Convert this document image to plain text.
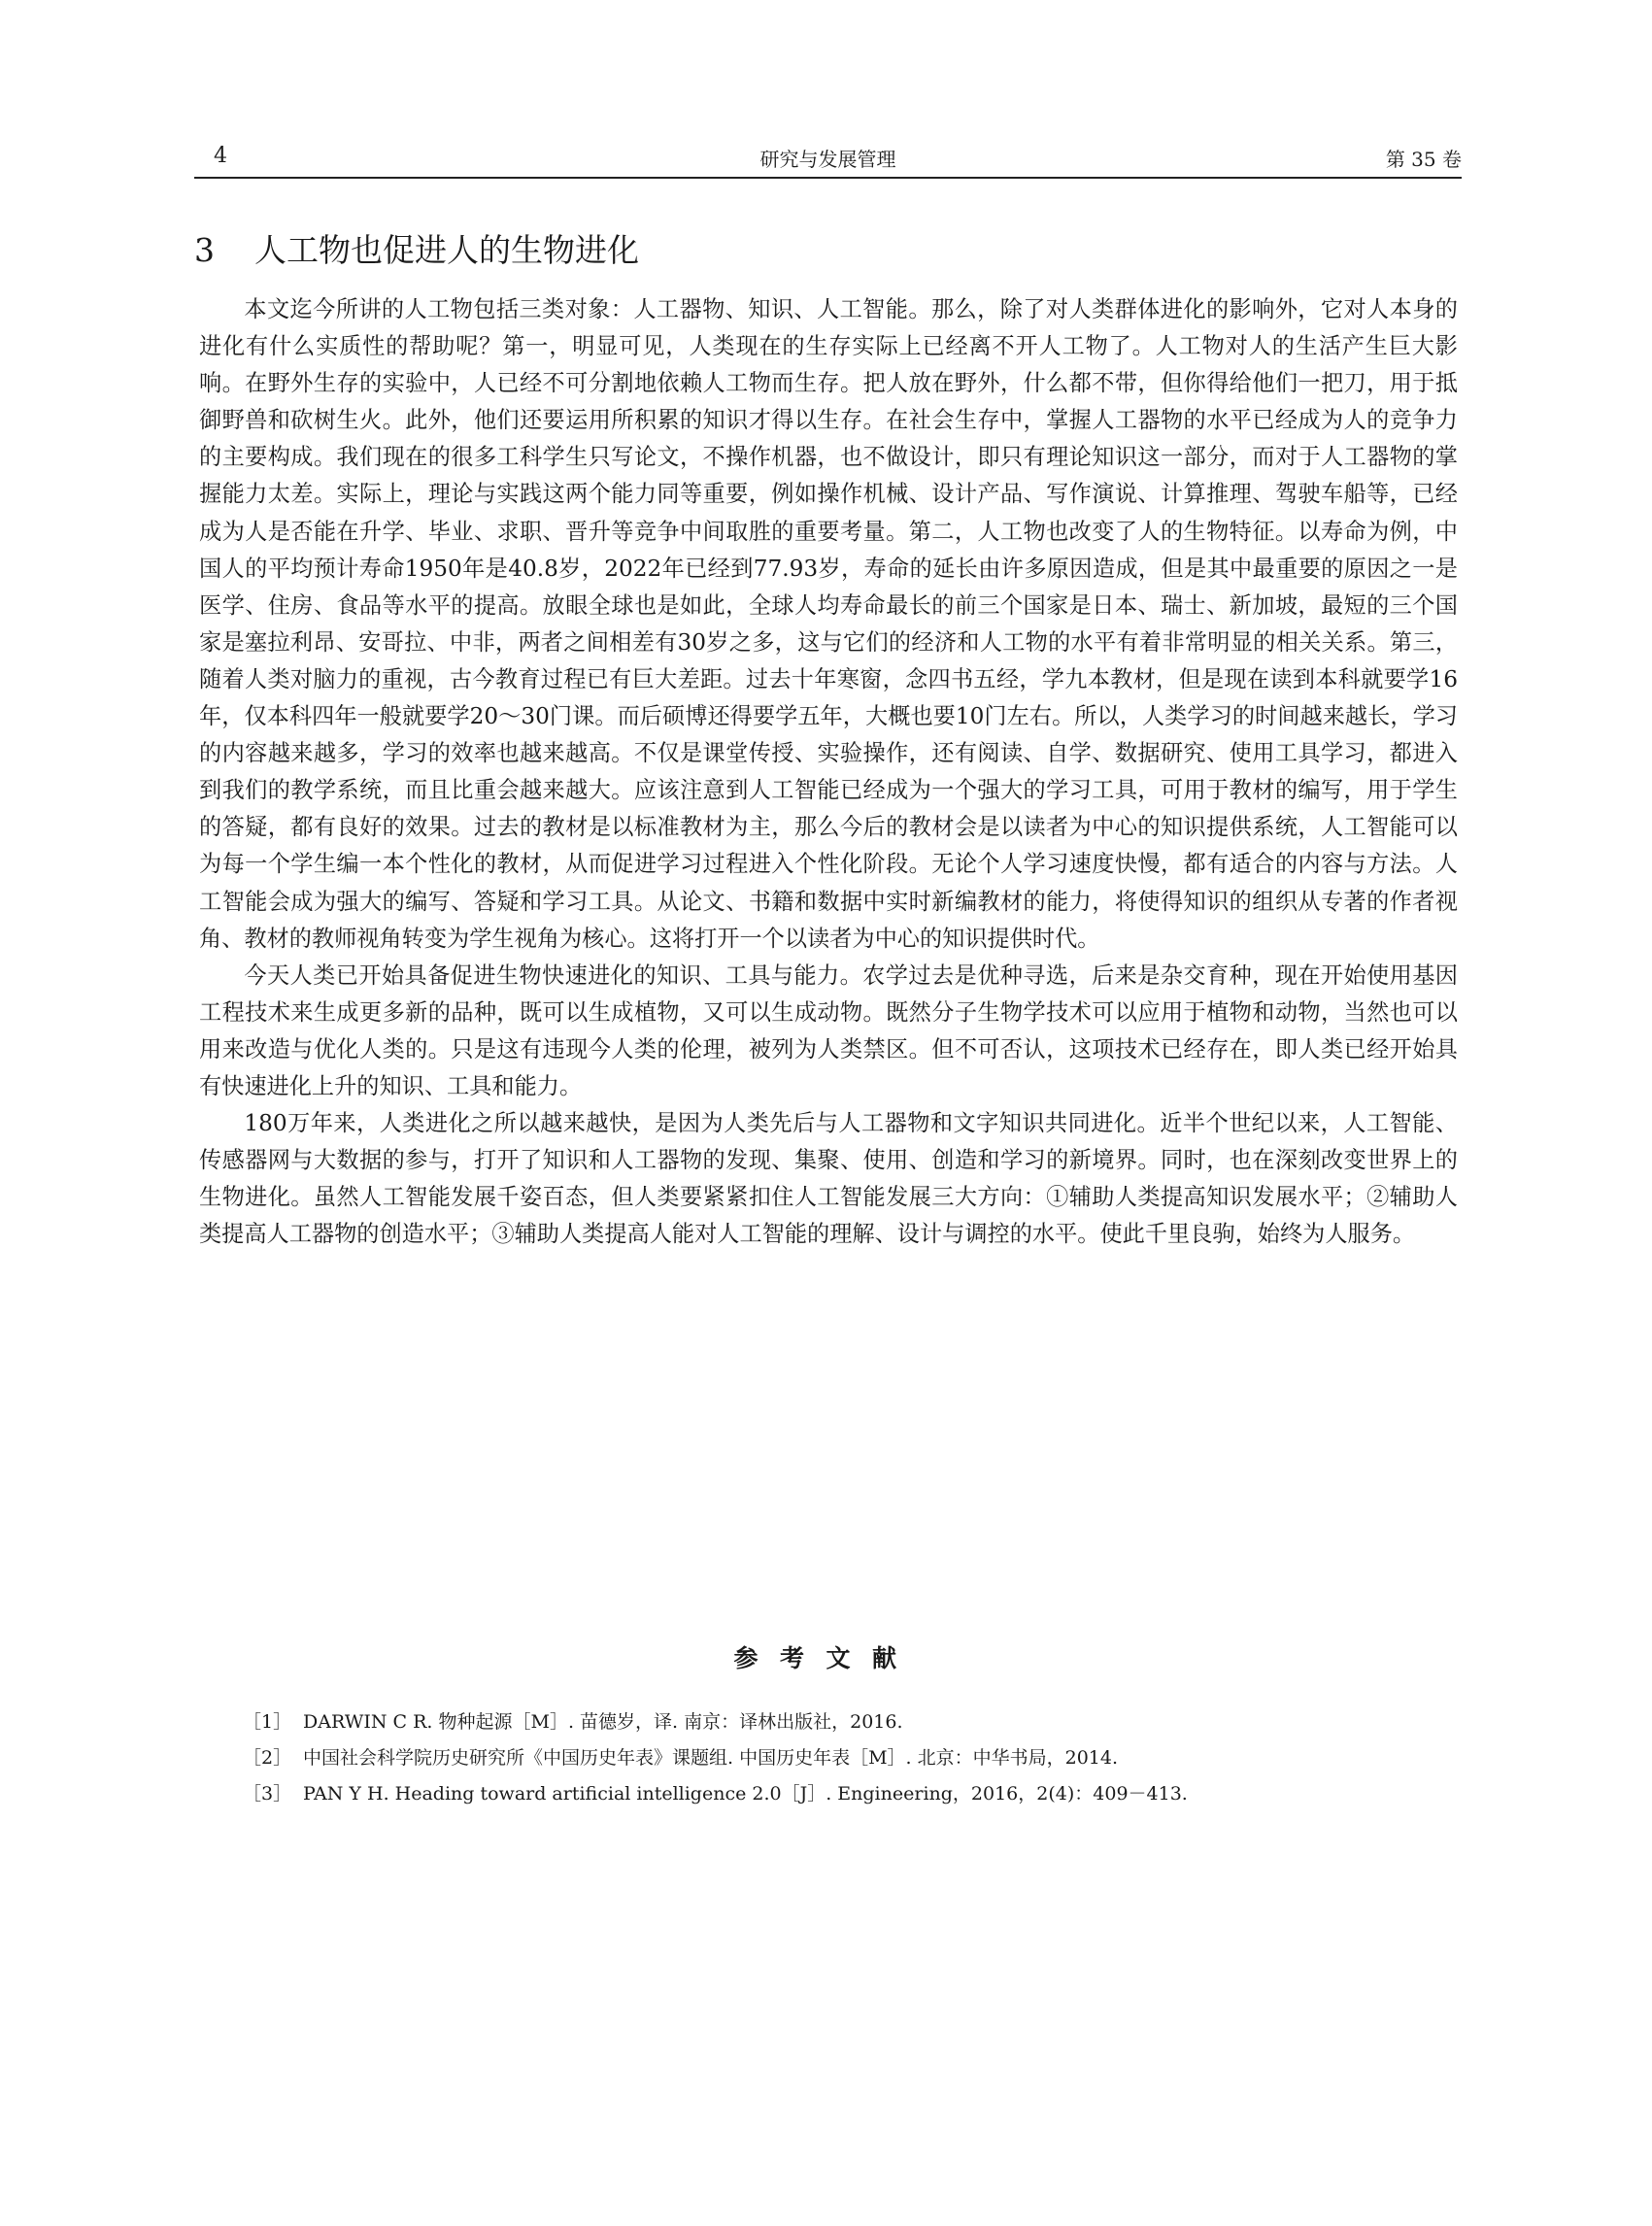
4	研究与发展管理	第 35 卷
3 人工物也促进人的生物进化

本文迄今所讲的人工物包括三类对象：人工器物、知识、人工智能。那么，除了对人类群体进化的影响外，它对人本身的进化有什么实质性的帮助呢？第一，明显可见，人类现在的生存实际上已经离不开人工物了。人工物对人的生活产生巨大影响。在野外生存的实验中，人已经不可分割地依赖人工物而生存。把人放在野外，什么都不带，但你得给他们一把刀，用于抵御野兽和砍树生火。此外，他们还要运用所积累的知识才得以生存。在社会生存中，掌握人工器物的水平已经成为人的竞争力的主要构成。我们现在的很多工科学生只写论文，不操作机器，也不做设计，即只有理论知识这一部分，而对于人工器物的掌握能力太差。实际上，理论与实践这两个能力同等重要，例如操作机械、设计产品、写作演说、计算推理、驾驶车船等，已经成为人是否能在升学、毕业、求职、晋升等竞争中间取胜的重要考量。第二，人工物也改变了人的生物特征。以寿命为例，中国人的平均预计寿命1950年是40.8岁，2022年已经到77.93岁，寿命的延长由许多原因造成，但是其中最重要的原因之一是医学、住房、食品等水平的提高。放眼全球也是如此，全球人均寿命最长的前三个国家是日本、瑞士、新加坡，最短的三个国家是塞拉利昂、安哥拉、中非，两者之间相差有30岁之多，这与它们的经济和人工物的水平有着非常明显的相关关系。第三，随着人类对脑力的重视，古今教育过程已有巨大差距。过去十年寒窗，念四书五经，学九本教材，但是现在读到本科就要学16年，仅本科四年一般就要学20～30门课。而后硕博还得要学五年，大概也要10门左右。所以，人类学习的时间越来越长，学习的内容越来越多，学习的效率也越来越高。不仅是课堂传授、实验操作，还有阅读、自学、数据研究、使用工具学习，都进入到我们的教学系统，而且比重会越来越大。应该注意到人工智能已经成为一个强大的学习工具，可用于教材的编写，用于学生的答疑，都有良好的效果。过去的教材是以标准教材为主，那么今后的教材会是以读者为中心的知识提供系统，人工智能可以为每一个学生编一本个性化的教材，从而促进学习过程进入个性化阶段。无论个人学习速度快慢，都有适合的内容与方法。人工智能会成为强大的编写、答疑和学习工具。从论文、书籍和数据中实时新编教材的能力，将使得知识的组织从专著的作者视角、教材的教师视角转变为学生视角为核心。这将打开一个以读者为中心的知识提供时代。

今天人类已开始具备促进生物快速进化的知识、工具与能力。农学过去是优种寻选，后来是杂交育种，现在开始使用基因工程技术来生成更多新的品种，既可以生成植物，又可以生成动物。既然分子生物学技术可以应用于植物和动物，当然也可以用来改造与优化人类的。只是这有违现今人类的伦理，被列为人类禁区。但不可否认，这项技术已经存在，即人类已经开始具有快速进化上升的知识、工具和能力。

180万年来，人类进化之所以越来越快，是因为人类先后与人工器物和文字知识共同进化。近半个世纪以来，人工智能、传感器网与大数据的参与，打开了知识和人工器物的发现、集聚、使用、创造和学习的新境界。同时，也在深刻改变世界上的生物进化。虽然人工智能发展千姿百态，但人类要紧紧扣住人工智能发展三大方向：①辅助人类提高知识发展水平；②辅助人类提高人工器物的创造水平；③辅助人类提高人能对人工智能的理解、设计与调控的水平。使此千里良驹，始终为人服务。

参考文献
［1］ DARWIN C R. 物种起源［M］. 苗德岁，译. 南京：译林出版社，2016.
［2］ 中国社会科学院历史研究所《中国历史年表》课题组. 中国历史年表［M］. 北京：中华书局，2014.
［3］ PAN Y H. Heading toward artificial intelligence 2.0［J］. Engineering，2016，2(4)：409－413.
